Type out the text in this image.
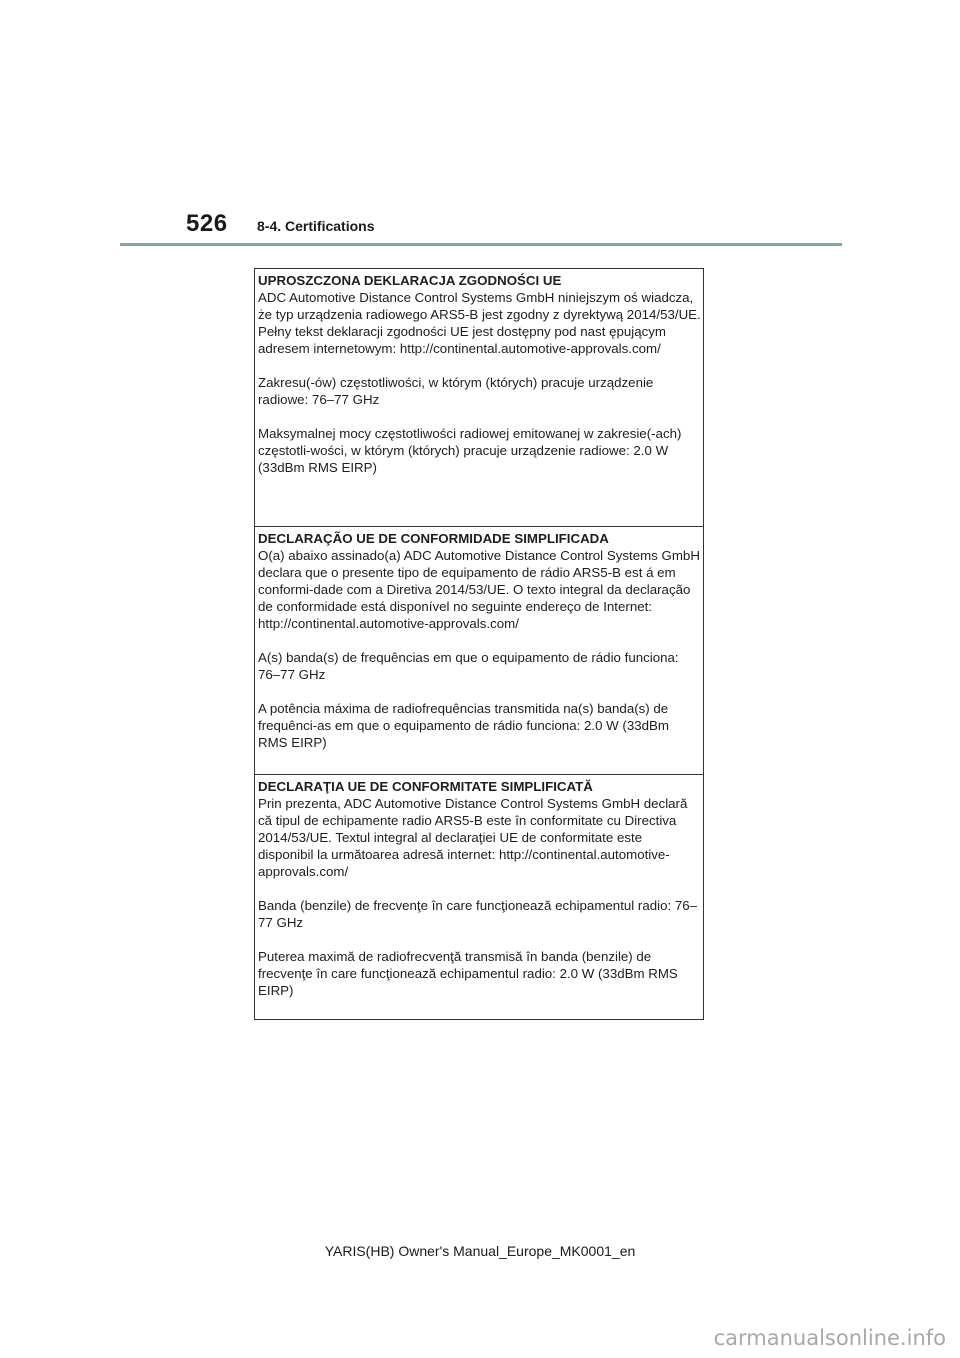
526 8-4. Certifications
UPROSZCZONA DEKLARACJA ZGODNOŚCI UE

ADC Automotive Distance Control Systems GmbH niniejszym oś wiadcza, że typ urządzenia radiowego ARS5-B jest zgodny z dyrektywą 2014/53/UE. Pełny tekst deklaracji zgodności UE jest dostępny pod nast ępującym adresem internetowym: http://continental.automotive-approvals.com/

Zakresu(-ów) częstotliwości, w którym (których) pracuje urządzenie radiowe: 76–77 GHz

Maksymalnej mocy częstotliwości radiowej emitowanej w zakresie(-ach) częstotli-wości, w którym (których) pracuje urządzenie radiowe: 2.0 W (33dBm RMS EIRP)

DECLARAÇÃO UE DE CONFORMIDADE SIMPLIFICADA

O(a) abaixo assinado(a) ADC Automotive Distance Control Systems GmbH declara que o presente tipo de equipamento de rádio ARS5-B est á em conformi-dade com a Diretiva 2014/53/UE. O texto integral da declaração de conformidade está disponível no seguinte endereço de Internet: http://continental.automotive-approvals.com/

A(s) banda(s) de frequências em que o equipamento de rádio funciona: 76–77 GHz

A potência máxima de radiofrequências transmitida na(s) banda(s) de frequênci-as em que o equipamento de rádio funciona: 2.0 W (33dBm RMS EIRP)

DECLARAŢIA UE DE CONFORMITATE SIMPLIFICATĂ

Prin prezenta, ADC Automotive Distance Control Systems GmbH declară că tipul de echipamente radio ARS5-B este în conformitate cu Directiva 2014/53/UE. Textul integral al declaraţiei UE de conformitate este disponibil la următoarea adresă internet: http://continental.automotive-approvals.com/

Banda (benzile) de frecvenţe în care funcţionează echipamentul radio: 76–77 GHz

Puterea maximă de radiofrecvenţă transmisă în banda (benzile) de frecvenţe în care funcţionează echipamentul radio: 2.0 W (33dBm RMS EIRP)

YARIS(HB) Owner's Manual_Europe_MK0001_en
carmanualsonline.info
